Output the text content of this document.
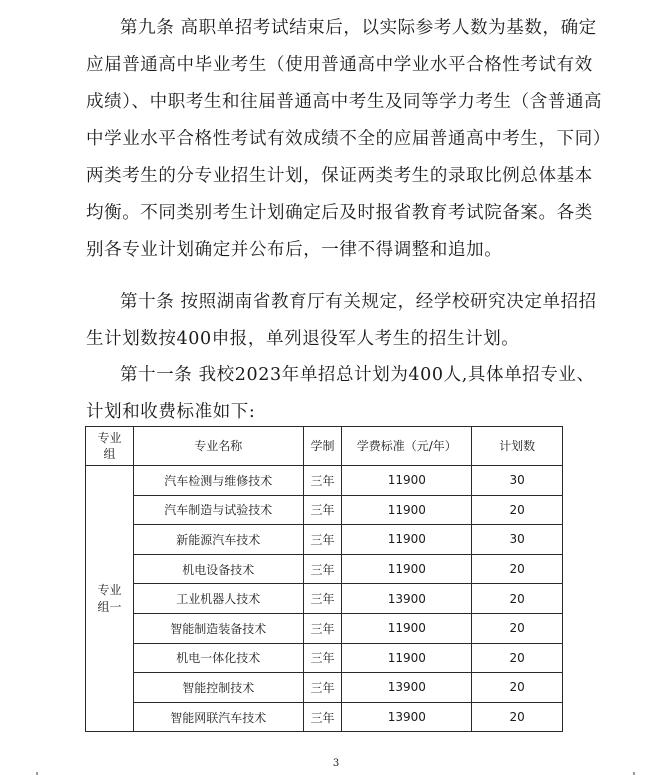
第九条 高职单招考试结束后，以实际参考人数为基数，确定应届普通高中毕业考生（使用普通高中学业水平合格性考试有效成绩）、中职考生和往届普通高中考生及同等学力考生（含普通高中学业水平合格性考试有效成绩不全的应届普通高中考生，下同）两类考生的分专业招生计划，保证两类考生的录取比例总体基本均衡。不同类别考生计划确定后及时报省教育考试院备案。各类别各专业计划确定并公布后，一律不得调整和追加。

第十条 按照湖南省教育厅有关规定，经学校研究决定单招招生计划数按400申报，单列退役军人考生的招生计划。

第十一条 我校2023年单招总计划为400人,具体单招专业、计划和收费标准如下:

专业组	专业名称	学制	学费标准（元/年）	计划数
专业组一	汽车检测与维修技术	三年	11900	30
	汽车制造与试验技术	三年	11900	20
	新能源汽车技术	三年	11900	30
	机电设备技术	三年	11900	20
	工业机器人技术	三年	13900	20
	智能制造装备技术	三年	11900	20
	机电一体化技术	三年	11900	20
	智能控制技术	三年	13900	20
	智能网联汽车技术	三年	13900	20
3
